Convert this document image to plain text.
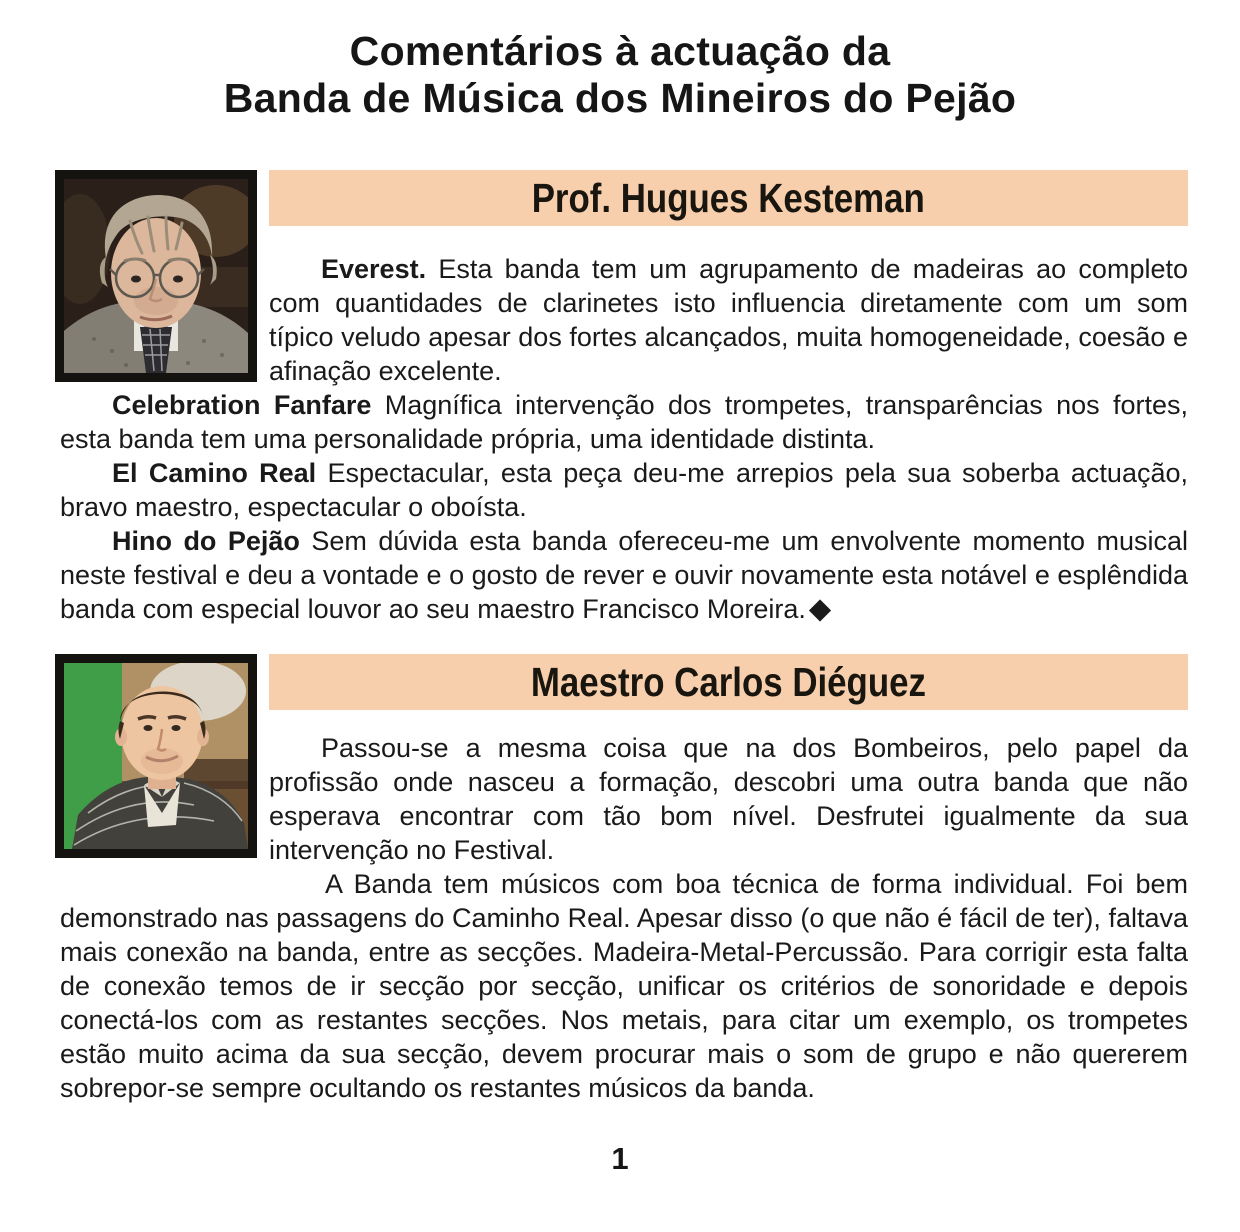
Comentários à actuação da
Banda de Música dos Mineiros do Pejão
Prof. Hugues Kesteman

Everest. Esta banda tem um agrupamento de madeiras ao completo com quantidades de clarinetes isto influencia diretamente com um som típico veludo apesar dos fortes alcançados, muita homogeneidade, coesão e afinação excelente.

Celebration Fanfare Magnífica intervenção dos trompetes, transparências nos fortes, esta banda tem uma personalidade própria, uma identidade distinta.

El Camino Real Espectacular, esta peça deu-me arrepios pela sua soberba actuação, bravo maestro, espectacular o oboísta.

Hino do Pejão Sem dúvida esta banda ofereceu-me um envolvente momento musical neste festival e deu a vontade e o gosto de rever e ouvir novamente esta notável e esplêndida banda com especial louvor ao seu maestro Francisco Moreira. ◆

Maestro Carlos Diéguez

Passou-se a mesma coisa que na dos Bombeiros, pelo papel da profissão onde nasceu a formação, descobri uma outra banda que não esperava encontrar com tão bom nível. Desfrutei igualmente da sua intervenção no Festival.

A Banda tem músicos com boa técnica de forma individual. Foi bem demonstrado nas passagens do Caminho Real. Apesar disso (o que não é fácil de ter), faltava mais conexão na banda, entre as secções. Madeira-Metal-Percussão. Para corrigir esta falta de conexão temos de ir secção por secção, unificar os critérios de sonoridade e depois conectá-los com as restantes secções. Nos metais, para citar um exemplo, os trompetes estão muito acima da sua secção, devem procurar mais o som de grupo e não quererem sobrepor-se sempre ocultando os restantes músicos da banda.

1
